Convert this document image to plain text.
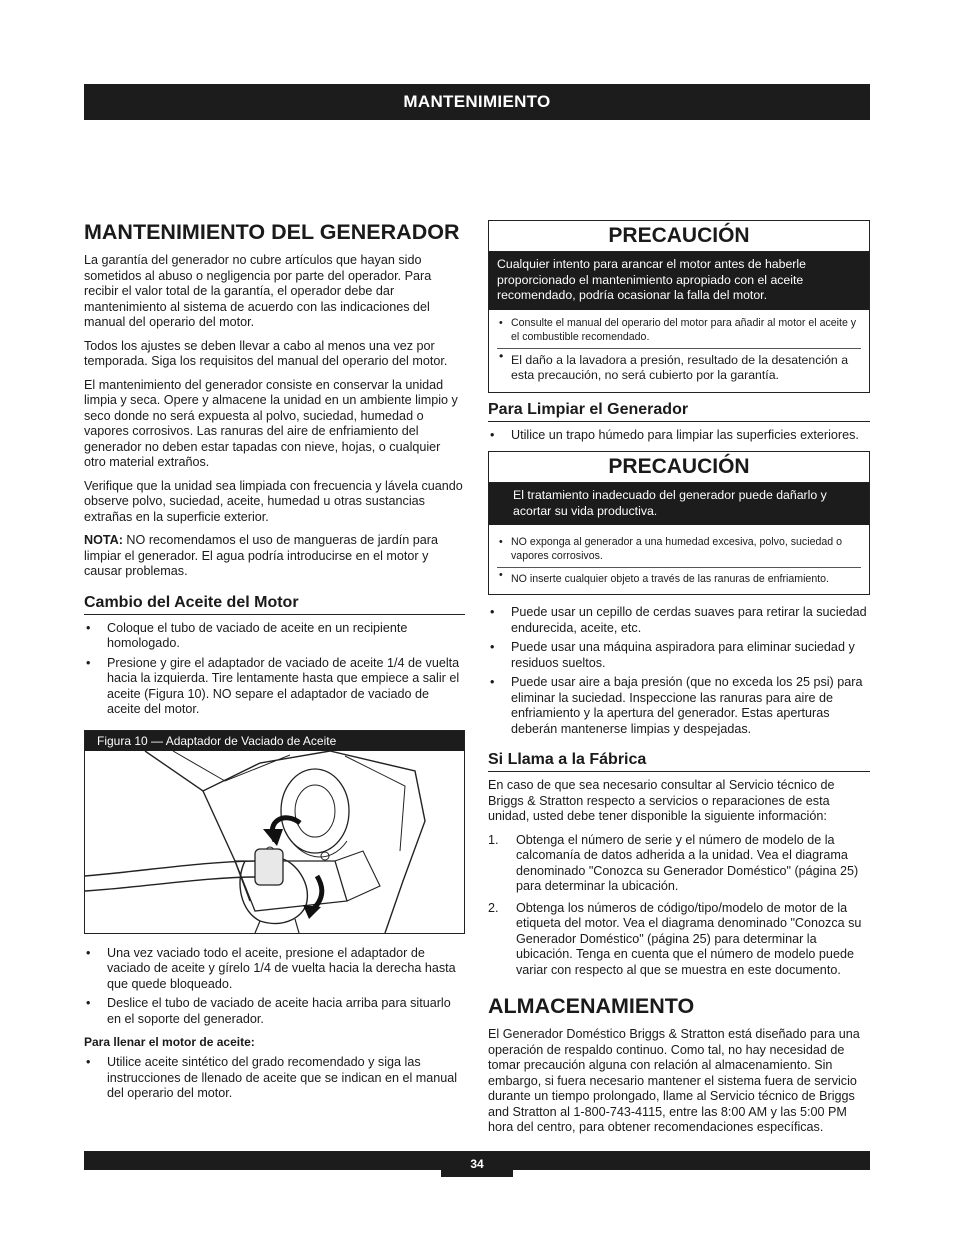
MANTENIMIENTO
MANTENIMIENTO DEL GENERADOR

La garantía del generador no cubre artículos que hayan sido sometidos al abuso o negligencia por parte del operador. Para recibir el valor total de la garantía, el operador debe dar mantenimiento al sistema de acuerdo con las indicaciones del manual del operario del motor.

Todos los ajustes se deben llevar a cabo al menos una vez por temporada. Siga los requisitos del manual del operario del motor.

El mantenimiento del generador consiste en conservar la unidad limpia y seca. Opere y almacene la unidad en un ambiente limpio y seco donde no será expuesta al polvo, suciedad, humedad o vapores corrosivos. Las ranuras del aire de enfriamiento del generador no deben estar tapadas con nieve, hojas, o cualquier otro material extraños.

Verifique que la unidad sea limpiada con frecuencia y lávela cuando observe polvo, suciedad, aceite, humedad u otras sustancias extrañas en la superficie exterior.

NOTA: NO recomendamos el uso de mangueras de jardín para limpiar el generador. El agua podría introducirse en el motor y causar problemas.

Cambio del Aceite del Motor
• Coloque el tubo de vaciado de aceite en un recipiente homologado.
• Presione y gire el adaptador de vaciado de aceite 1/4 de vuelta hacia la izquierda. Tire lentamente hasta que empiece a salir el aceite (Figura 10). NO separe el adaptador de vaciado de aceite del motor.
Figura 10 — Adaptador de Vaciado de Aceite
• Una vez vaciado todo el aceite, presione el adaptador de vaciado de aceite y gírelo 1/4 de vuelta hacia la derecha hasta que quede bloqueado.
• Deslice el tubo de vaciado de aceite hacia arriba para situarlo en el soporte del generador.
Para llenar el motor de aceite:
• Utilice aceite sintético del grado recomendado y siga las instrucciones de llenado de aceite que se indican en el manual del operario del motor.
PRECAUCIÓN
Cualquier intento para arancar el motor antes de haberle proporcionado el mantenimiento apropiado con el aceite recomendado, podría ocasionar la falla del motor.
• Consulte el manual del operario del motor para añadir al motor el aceite y el combustible recomendado.
• El daño a la lavadora a presión, resultado de la desatención a esta precaución, no será cubierto por la garantía.
Para Limpiar el Generador
• Utilice un trapo húmedo para limpiar las superficies exteriores.
PRECAUCIÓN
El tratamiento inadecuado del generador puede dañarlo y acortar su vida productiva.
• NO exponga al generador a una humedad excesiva, polvo, suciedad o vapores corrosivos.
• NO inserte cualquier objeto a través de las ranuras de enfriamiento.
• Puede usar un cepillo de cerdas suaves para retirar la suciedad endurecida, aceite, etc.
• Puede usar una máquina aspiradora para eliminar suciedad y residuos sueltos.
• Puede usar aire a baja presión (que no exceda los 25 psi) para eliminar la suciedad. Inspeccione las ranuras para aire de enfriamiento y la apertura del generador. Estas aperturas deberán mantenerse limpias y despejadas.
Si Llama a la Fábrica

En caso de que sea necesario consultar al Servicio técnico de Briggs & Stratton respecto a servicios o reparaciones de esta unidad, usted debe tener disponible la siguiente información:

1. Obtenga el número de serie y el número de modelo de la calcomanía de datos adherida a la unidad. Vea el diagrama denominado "Conozca su Generador Doméstico" (página 25) para determinar la ubicación.
2. Obtenga los números de código/tipo/modelo de motor de la etiqueta del motor. Vea el diagrama denominado "Conozca su Generador Doméstico" (página 25) para determinar la ubicación. Tenga en cuenta que el número de modelo puede variar con respecto al que se muestra en este documento.
ALMACENAMIENTO

El Generador Doméstico Briggs & Stratton está diseñado para una operación de respaldo continuo. Como tal, no hay necesidad de tomar precaución alguna con relación al almacenamiento. Sin embargo, si fuera necesario mantener el sistema fuera de servicio durante un tiempo prolongado, llame al Servicio técnico de Briggs and Stratton al 1-800-743-4115, entre las 8:00 AM y las 5:00 PM hora del centro, para obtener recomendaciones específicas.

34
